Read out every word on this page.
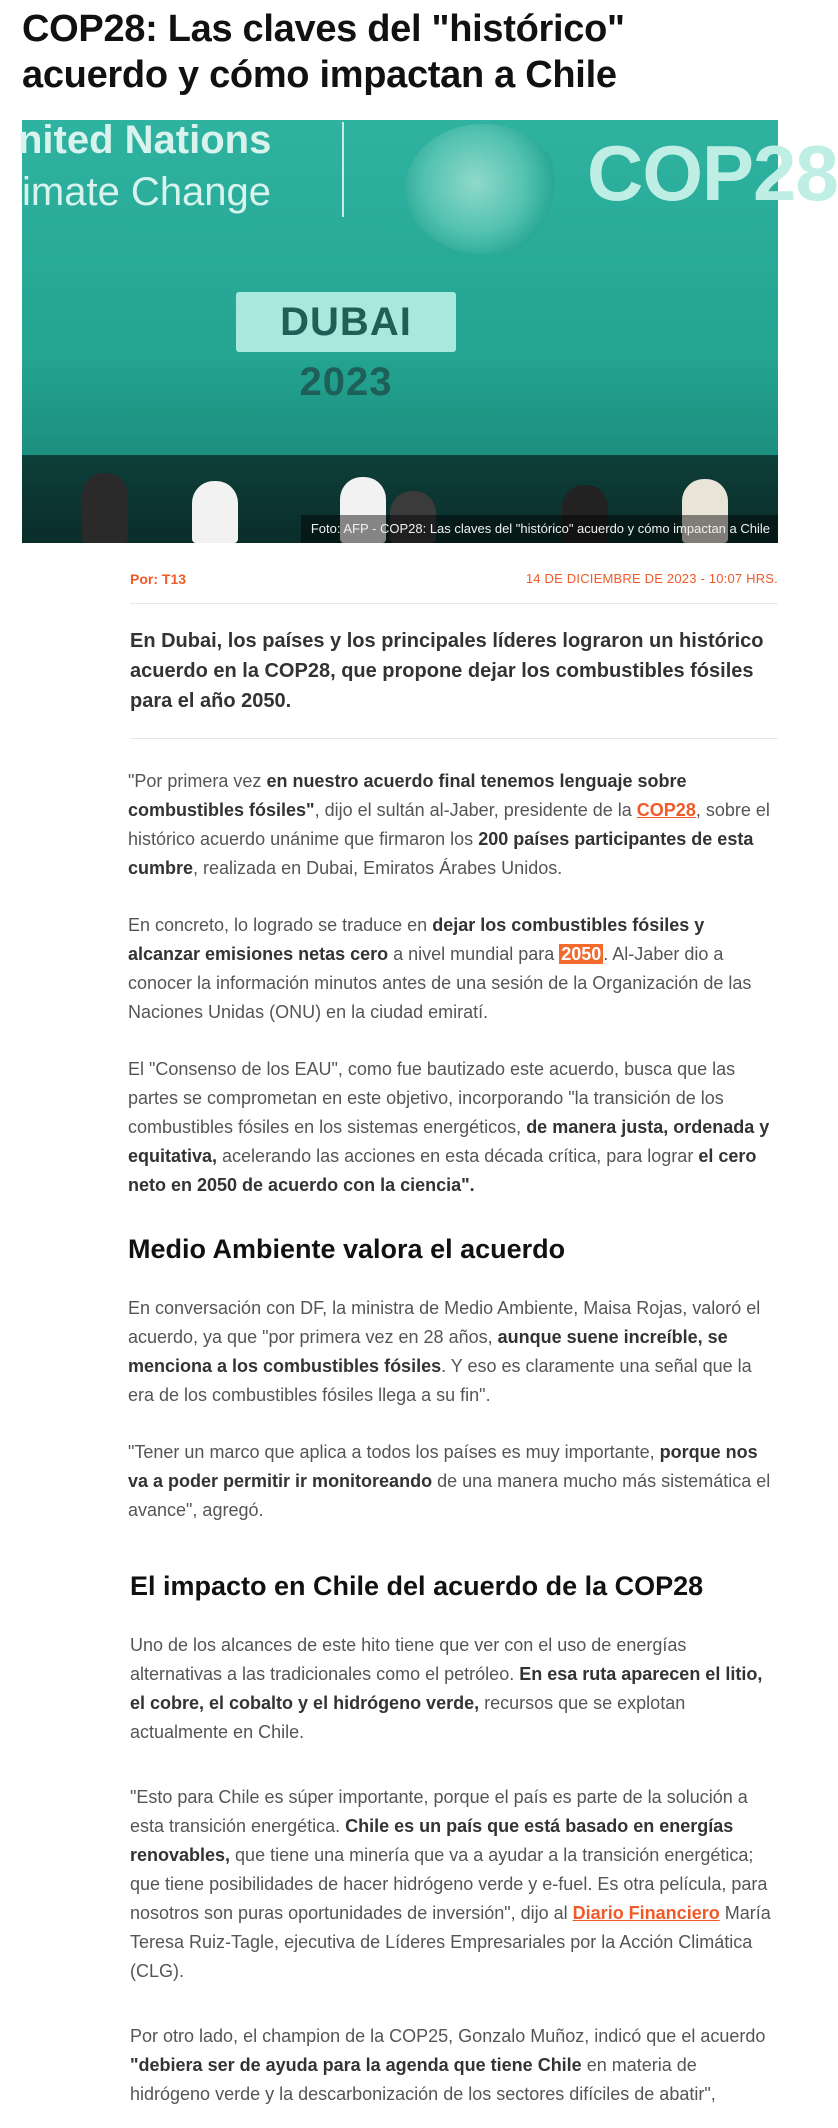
COP28: Las claves del "histórico" acuerdo y cómo impactan a Chile
nited Nations
imate Change	COP28
DUBAI 2023
Foto: AFP - COP28: Las claves del "histórico" acuerdo y cómo impactan a Chile
Por: T13	14 DE DICIEMBRE DE 2023 - 10:07 HRS.
En Dubai, los países y los principales líderes lograron un histórico acuerdo en la COP28, que propone dejar los combustibles fósiles para el año 2050.

"Por primera vez en nuestro acuerdo final tenemos lenguaje sobre combustibles fósiles", dijo el sultán al-Jaber, presidente de la COP28, sobre el histórico acuerdo unánime que firmaron los 200 países participantes de esta cumbre, realizada en Dubai, Emiratos Árabes Unidos.

En concreto, lo logrado se traduce en dejar los combustibles fósiles y alcanzar emisiones netas cero a nivel mundial para 2050 . Al-Jaber dio a conocer la información minutos antes de una sesión de la Organización de las Naciones Unidas (ONU) en la ciudad emiratí.

El "Consenso de los EAU", como fue bautizado este acuerdo, busca que las partes se comprometan en este objetivo, incorporando "la transición de los combustibles fósiles en los sistemas energéticos, de manera justa, ordenada y equitativa, acelerando las acciones en esta década crítica, para lograr el cero neto en 2050 de acuerdo con la ciencia".

Medio Ambiente valora el acuerdo

En conversación con DF, la ministra de Medio Ambiente, Maisa Rojas, valoró el acuerdo, ya que "por primera vez en 28 años, aunque suene increíble, se menciona a los combustibles fósiles. Y eso es claramente una señal que la era de los combustibles fósiles llega a su fin".

"Tener un marco que aplica a todos los países es muy importante, porque nos va a poder permitir ir monitoreando de una manera mucho más sistemática el avance", agregó.

El impacto en Chile del acuerdo de la COP28

Uno de los alcances de este hito tiene que ver con el uso de energías alternativas a las tradicionales como el petróleo. En esa ruta aparecen el litio, el cobre, el cobalto y el hidrógeno verde, recursos que se explotan actualmente en Chile.

"Esto para Chile es súper importante, porque el país es parte de la solución a esta transición energética. Chile es un país que está basado en energías renovables, que tiene una minería que va a ayudar a la transición energética; que tiene posibilidades de hacer hidrógeno verde y e-fuel. Es otra película, para nosotros son puras oportunidades de inversión", dijo al Diario Financiero María Teresa Ruiz-Tagle, ejecutiva de Líderes Empresariales por la Acción Climática (CLG).

Por otro lado, el champion de la COP25, Gonzalo Muñoz, indicó que el acuerdo "debiera ser de ayuda para la agenda que tiene Chile en materia de hidrógeno verde y la descarbonización de los sectores difíciles de abatir",
